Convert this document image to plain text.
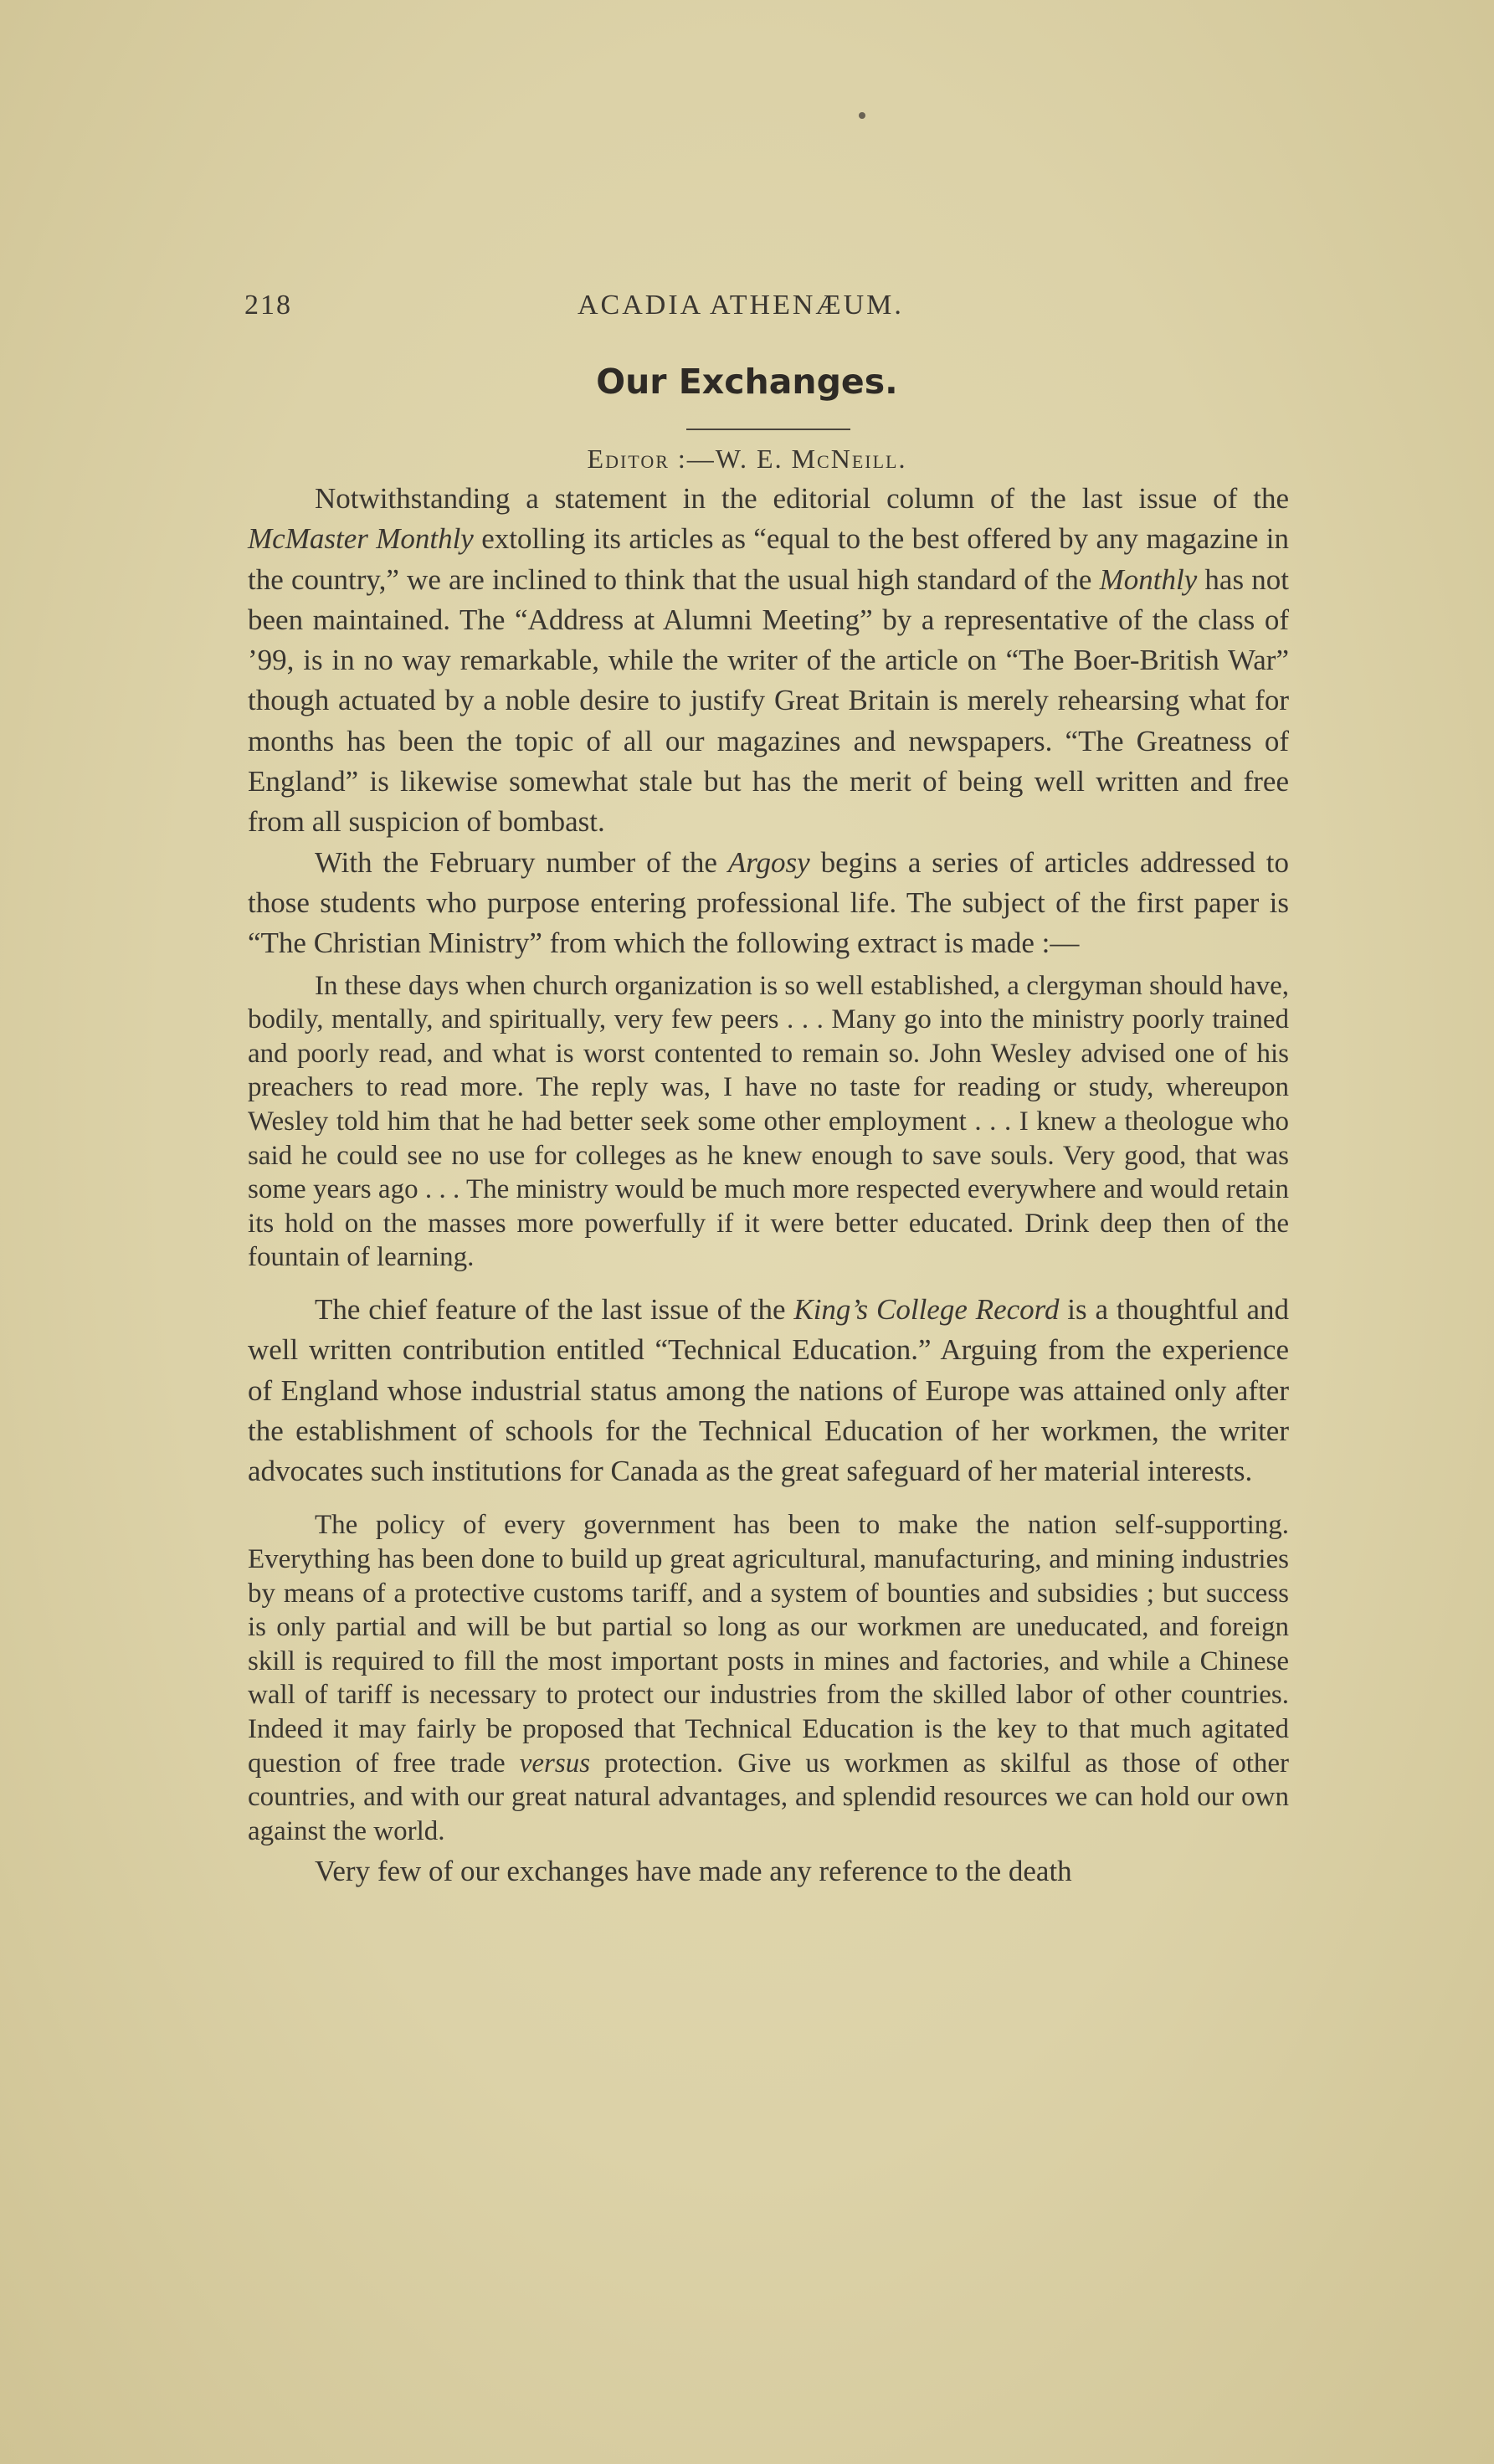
218	ACADIA ATHENÆUM.
Our Exchanges.
Editor :—W. E. McNeill.

Notwithstanding a statement in the editorial column of the last issue of the McMaster Monthly extolling its articles as “equal to the best offered by any magazine in the country,” we are inclined to think that the usual high standard of the Monthly has not been maintained. The “Address at Alumni Meeting” by a representative of the class of ’99, is in no way remarkable, while the writer of the article on “The Boer-British War” though actuated by a noble desire to justify Great Britain is merely rehearsing what for months has been the topic of all our magazines and newspapers. “The Greatness of England” is likewise somewhat stale but has the merit of being well written and free from all suspicion of bombast.

With the February number of the Argosy begins a series of articles addressed to those students who purpose entering professional life. The subject of the first paper is “The Christian Ministry” from which the following extract is made :—

In these days when church organization is so well established, a clergyman should have, bodily, mentally, and spiritually, very few peers . . . Many go into the ministry poorly trained and poorly read, and what is worst contented to remain so. John Wesley advised one of his preachers to read more. The reply was, I have no taste for reading or study, whereupon Wesley told him that he had better seek some other employment . . . I knew a theologue who said he could see no use for colleges as he knew enough to save souls. Very good, that was some years ago . . . The ministry would be much more respected everywhere and would retain its hold on the masses more powerfully if it were better educated. Drink deep then of the fountain of learning.

The chief feature of the last issue of the King’s College Record is a thoughtful and well written contribution entitled “Technical Education.” Arguing from the experience of England whose industrial status among the nations of Europe was attained only after the establishment of schools for the Technical Education of her workmen, the writer advocates such institutions for Canada as the great safeguard of her material interests.

The policy of every government has been to make the nation self-supporting. Everything has been done to build up great agricultural, manufacturing, and mining industries by means of a protective customs tariff, and a system of bounties and subsidies ; but success is only partial and will be but partial so long as our workmen are uneducated, and foreign skill is required to fill the most important posts in mines and factories, and while a Chinese wall of tariff is necessary to protect our industries from the skilled labor of other countries. Indeed it may fairly be proposed that Technical Education is the key to that much agitated question of free trade versus protection. Give us workmen as skilful as those of other countries, and with our great natural advantages, and splendid resources we can hold our own against the world.

Very few of our exchanges have made any reference to the death
